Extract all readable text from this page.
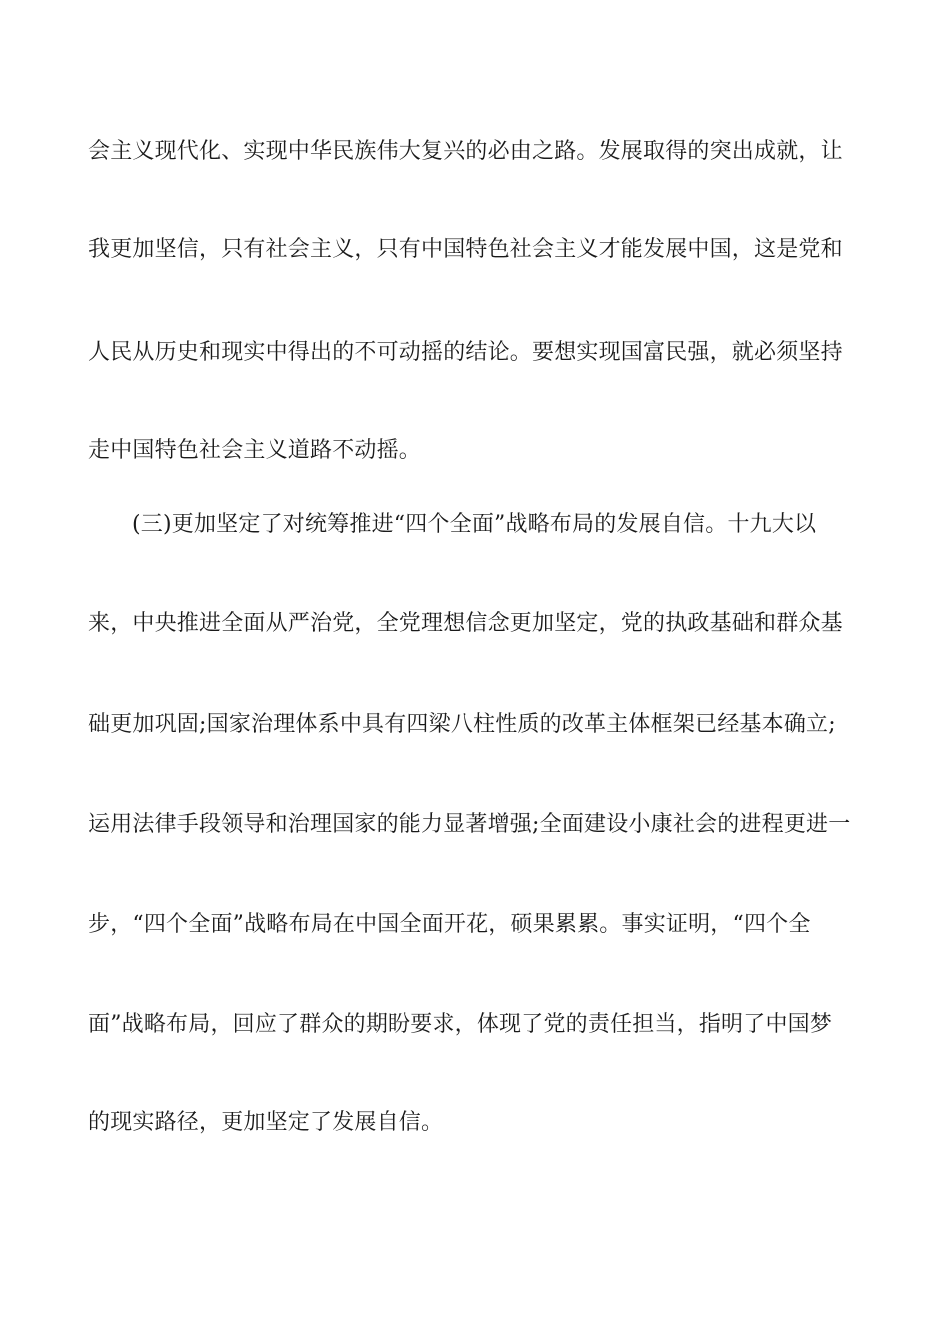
会主义现代化、实现中华民族伟大复兴的必由之路。发展取得的突出成就，让
我更加坚信，只有社会主义，只有中国特色社会主义才能发展中国，这是党和
人民从历史和现实中得出的不可动摇的结论。要想实现国富民强，就必须坚持
走中国特色社会主义道路不动摇。
(三)更加坚定了对统筹推进“四个全面”战略布局的发展自信。十九大以
来，中央推进全面从严治党，全党理想信念更加坚定，党的执政基础和群众基
础更加巩固;国家治理体系中具有四梁八柱性质的改革主体框架已经基本确立;
运用法律手段领导和治理国家的能力显著增强;全面建设小康社会的进程更进一
步，“四个全面”战略布局在中国全面开花，硕果累累。事实证明，“四个全
面”战略布局，回应了群众的期盼要求，体现了党的责任担当，指明了中国梦
的现实路径，更加坚定了发展自信。
